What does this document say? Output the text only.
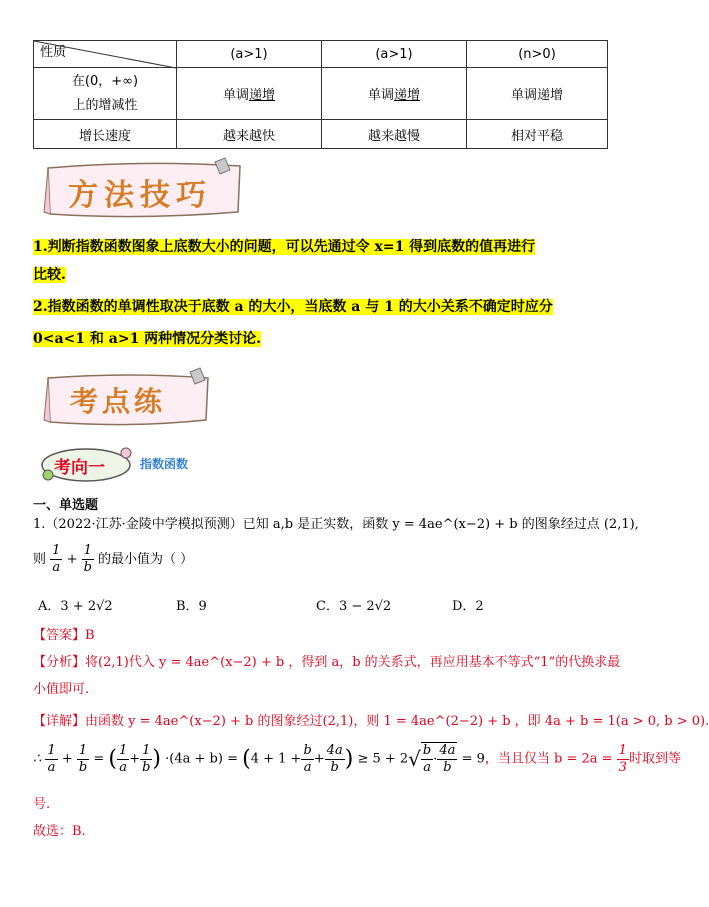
性质	(a>1)	(a>1)	(n>0)

在(0，+∞)
上的增减性	单调递增	单调递增	单调递增
增长速度	越来越快	越来越慢	相对平稳
方法技巧
1.判断指数函数图象上底数大小的问题，可以先通过令 x=1 得到底数的值再进行
比较.
2.指数函数的单调性取决于底数 a 的大小，当底数 a 与 1 的大小关系不确定时应分
0<a<1 和 a>1 两种情况分类讨论.
考点练
考向一	指数函数
一、单选题
1.（2022·江苏·金陵中学模拟预测）已知 a,b 是正实数，函数 y = 4ae^(x−2) + b 的图象经过点 (2,1),
则 $\frac{1}{a} + \frac{1}{b}$ 的最小值为（ ）
A．3 + 2√2	B．9	C．3 − 2√2	D．2
【答案】B
【分析】将(2,1)代入 y = 4ae^(x−2) + b ，得到 a，b 的关系式，再应用基本不等式“1”的代换求最
小值即可.
【详解】由函数 y = 4ae^(x−2) + b 的图象经过(2,1)，则 1 = 4ae^(2−2) + b ，即 4a + b = 1(a > 0, b > 0).
∴ $\frac{1}{a} + \frac{1}{b}$ = ( $\frac{1}{a} + \frac{1}{b}$ ) $\cdot(4a + b) = (4 + 1 + \frac{b}{a} + \frac{4a}{b}$ ) ≥ $5 + 2√ \frac{b}{a} \cdot \frac{4a}{b} = 9$，当且仅当 $b = 2a = \frac{1}{3}$ 时取到等
号.
故选：B.
